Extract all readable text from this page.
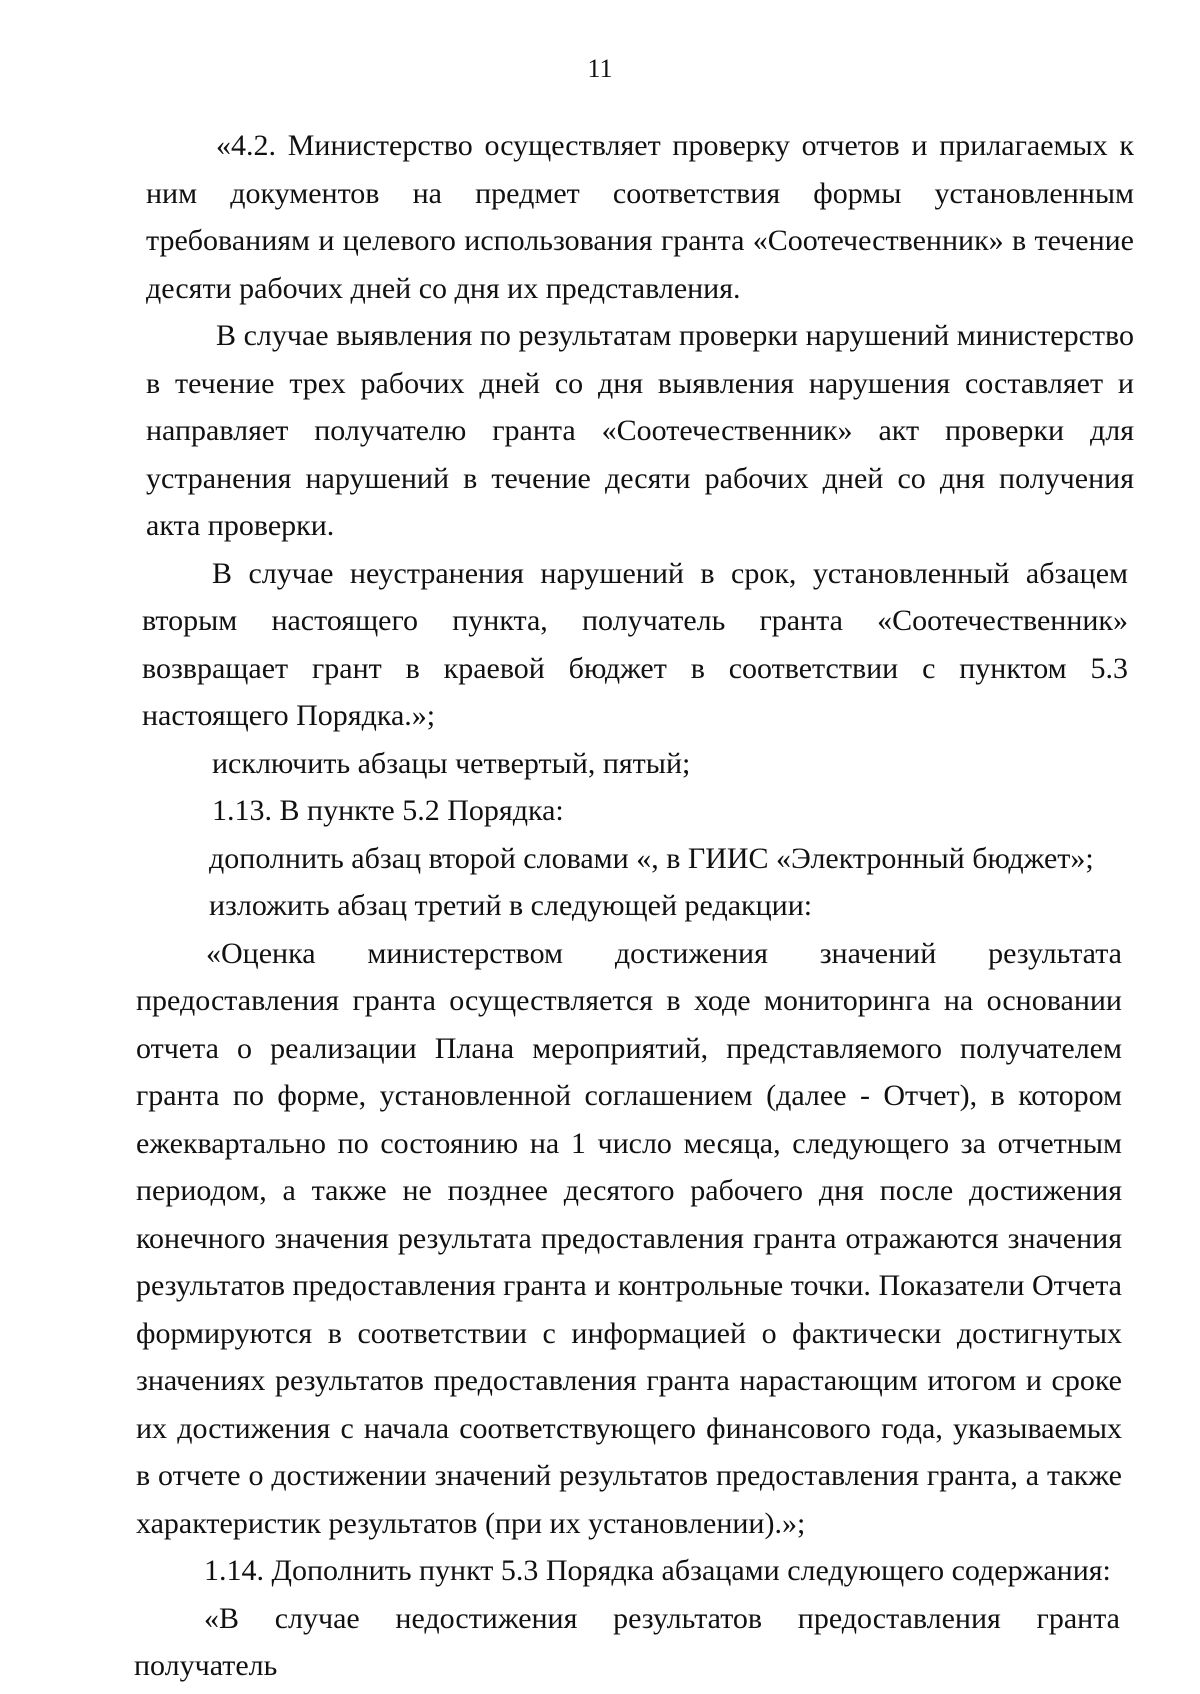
11

«4.2. Министерство осуществляет проверку отчетов и прилагаемых к ним документов на предмет соответствия формы установленным требованиям и целевого использования гранта «Соотечественник» в течение десяти рабочих дней со дня их представления.

В случае выявления по результатам проверки нарушений министерство в течение трех рабочих дней со дня выявления нарушения составляет и направляет получателю гранта «Соотечественник» акт проверки для устранения нарушений в течение десяти рабочих дней со дня получения акта проверки.

В случае неустранения нарушений в срок, установленный абзацем вторым настоящего пункта, получатель гранта «Соотечественник» возвращает грант в краевой бюджет в соответствии с пунктом 5.3 настоящего Порядка.»;

исключить абзацы четвертый, пятый;

1.13. В пункте 5.2 Порядка:

дополнить абзац второй словами «, в ГИИС «Электронный бюджет»;

изложить абзац третий в следующей редакции:

«Оценка министерством достижения значений результата предоставления гранта осуществляется в ходе мониторинга на основании отчета о реализации Плана мероприятий, представляемого получателем гранта по форме, установленной соглашением (далее - Отчет), в котором ежеквартально по состоянию на 1 число месяца, следующего за отчетным периодом, а также не позднее десятого рабочего дня после достижения конечного значения результата предоставления гранта отражаются значения результатов предоставления гранта и контрольные точки. Показатели Отчета формируются в соответствии с информацией о фактически достигнутых значениях результатов предоставления гранта нарастающим итогом и сроке их достижения с начала соответствующего финансового года, указываемых в отчете о достижении значений результатов предоставления гранта, а также характеристик результатов (при их установлении).»;

1.14. Дополнить пункт 5.3 Порядка абзацами следующего содержания:

«В случае недостижения результатов предоставления гранта получатель
